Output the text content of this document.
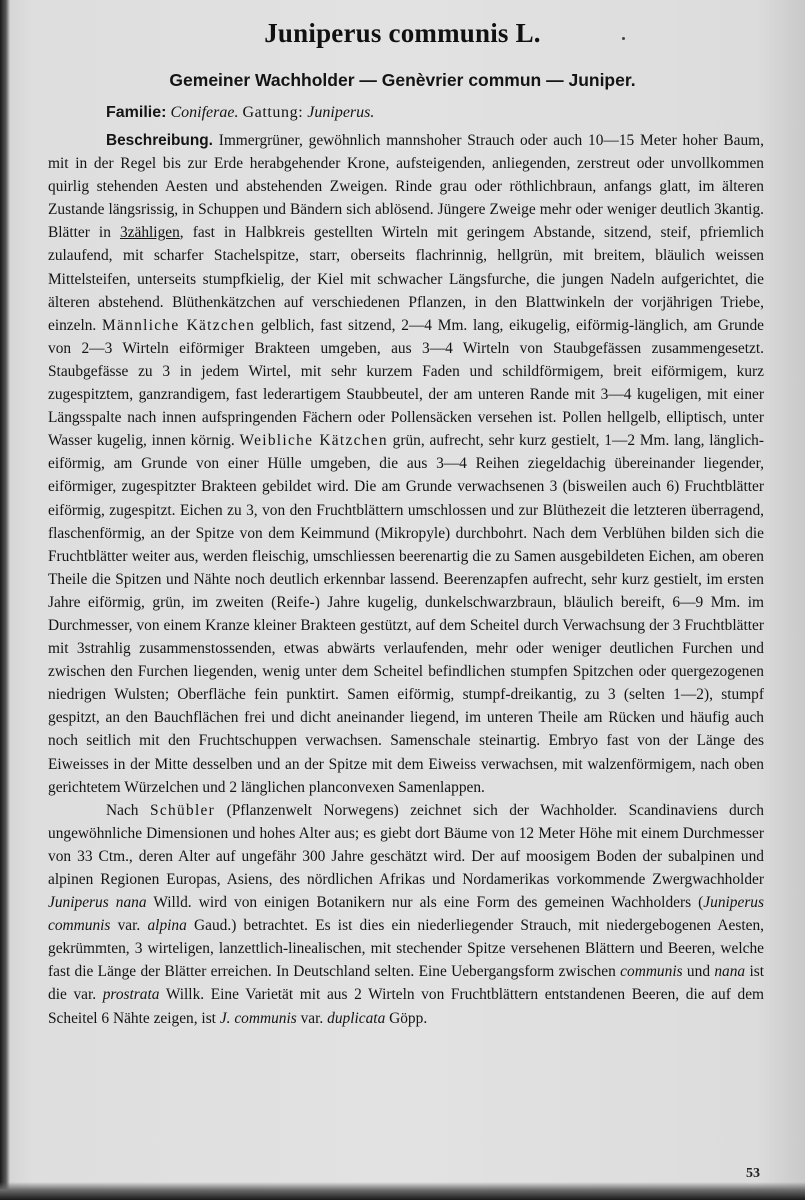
Juniperus communis L.
Gemeiner Wachholder — Genèvrier commun — Juniper.
Familie: Coniferae. Gattung: Juniperus.

Beschreibung. Immergrüner, gewöhnlich mannshoher Strauch oder auch 10—15 Meter hoher Baum, mit in der Regel bis zur Erde herabgehender Krone, aufsteigenden, anliegenden, zerstreut oder unvollkommen quirlig stehenden Aesten und abstehenden Zweigen. Rinde grau oder röthlichbraun, anfangs glatt, im älteren Zustande längsrissig, in Schuppen und Bändern sich ablösend. Jüngere Zweige mehr oder weniger deutlich 3kantig. Blätter in 3zähligen, fast in Halbkreis gestellten Wirteln mit geringem Abstande, sitzend, steif, pfriemlich zulaufend, mit scharfer Stachelspitze, starr, oberseits flachrinnig, hellgrün, mit breitem, bläulich weissen Mittelsteifen, unterseits stumpfkielig, der Kiel mit schwacher Längsfurche, die jungen Nadeln aufgerichtet, die älteren abstehend. Blüthenkätzchen auf verschiedenen Pflanzen, in den Blattwinkeln der vorjährigen Triebe, einzeln. Männliche Kätzchen gelblich, fast sitzend, 2—4 Mm. lang, eikugelig, eiförmig-länglich, am Grunde von 2—3 Wirteln eiförmiger Brakteen umgeben, aus 3—4 Wirteln von Staubgefässen zusammengesetzt. Staubgefässe zu 3 in jedem Wirtel, mit sehr kurzem Faden und schildförmigem, breit eiförmigem, kurz zugespitztem, ganzrandigem, fast lederartigem Staubbeutel, der am unteren Rande mit 3—4 kugeligen, mit einer Längsspalte nach innen aufspringenden Fächern oder Pollensäcken versehen ist. Pollen hellgelb, elliptisch, unter Wasser kugelig, innen körnig. Weibliche Kätzchen grün, aufrecht, sehr kurz gestielt, 1—2 Mm. lang, länglich-eiförmig, am Grunde von einer Hülle umgeben, die aus 3—4 Reihen ziegeldachig übereinander liegender, eiförmiger, zugespitzter Brakteen gebildet wird. Die am Grunde verwachsenen 3 (bisweilen auch 6) Fruchtblätter eiförmig, zugespitzt. Eichen zu 3, von den Fruchtblättern umschlossen und zur Blüthezeit die letzteren überragend, flaschenförmig, an der Spitze von dem Keimmund (Mikropyle) durchbohrt. Nach dem Verblühen bilden sich die Fruchtblätter weiter aus, werden fleischig, umschliessen beerenartig die zu Samen ausgebildeten Eichen, am oberen Theile die Spitzen und Nähte noch deutlich erkennbar lassend. Beerenzapfen aufrecht, sehr kurz gestielt, im ersten Jahre eiförmig, grün, im zweiten (Reife-) Jahre kugelig, dunkelschwarzbraun, bläulich bereift, 6—9 Mm. im Durchmesser, von einem Kranze kleiner Brakteen gestützt, auf dem Scheitel durch Verwachsung der 3 Fruchtblätter mit 3strahlig zusammenstossenden, etwas abwärts verlaufenden, mehr oder weniger deutlichen Furchen und zwischen den Furchen liegenden, wenig unter dem Scheitel befindlichen stumpfen Spitzchen oder quergezogenen niedrigen Wulsten; Oberfläche fein punktirt. Samen eiförmig, stumpf-dreikantig, zu 3 (selten 1—2), stumpf gespitzt, an den Bauchflächen frei und dicht aneinander liegend, im unteren Theile am Rücken und häufig auch noch seitlich mit den Fruchtschuppen verwachsen. Samenschale steinartig. Embryo fast von der Länge des Eiweisses in der Mitte desselben und an der Spitze mit dem Eiweiss verwachsen, mit walzenförmigem, nach oben gerichtetem Würzelchen und 2 länglichen planconvexen Samenlappen.

Nach Schübler (Pflanzenwelt Norwegens) zeichnet sich der Wachholder. Scandinaviens durch ungewöhnliche Dimensionen und hohes Alter aus; es giebt dort Bäume von 12 Meter Höhe mit einem Durchmesser von 33 Ctm., deren Alter auf ungefähr 300 Jahre geschätzt wird. Der auf moosigem Boden der subalpinen und alpinen Regionen Europas, Asiens, des nördlichen Afrikas und Nordamerikas vorkommende Zwergwachholder Juniperus nana Willd. wird von einigen Botanikern nur als eine Form des gemeinen Wachholders (Juniperus communis var. alpina Gaud.) betrachtet. Es ist dies ein niederliegender Strauch, mit niedergebogenen Aesten, gekrümmten, 3 wirteligen, lanzettlich-linealischen, mit stechender Spitze versehenen Blättern und Beeren, welche fast die Länge der Blätter erreichen. In Deutschland selten. Eine Uebergangsform zwischen communis und nana ist die var. prostrata Willk. Eine Varietät mit aus 2 Wirteln von Fruchtblättern entstandenen Beeren, die auf dem Scheitel 6 Nähte zeigen, ist J. communis var. duplicata Göpp.

53
